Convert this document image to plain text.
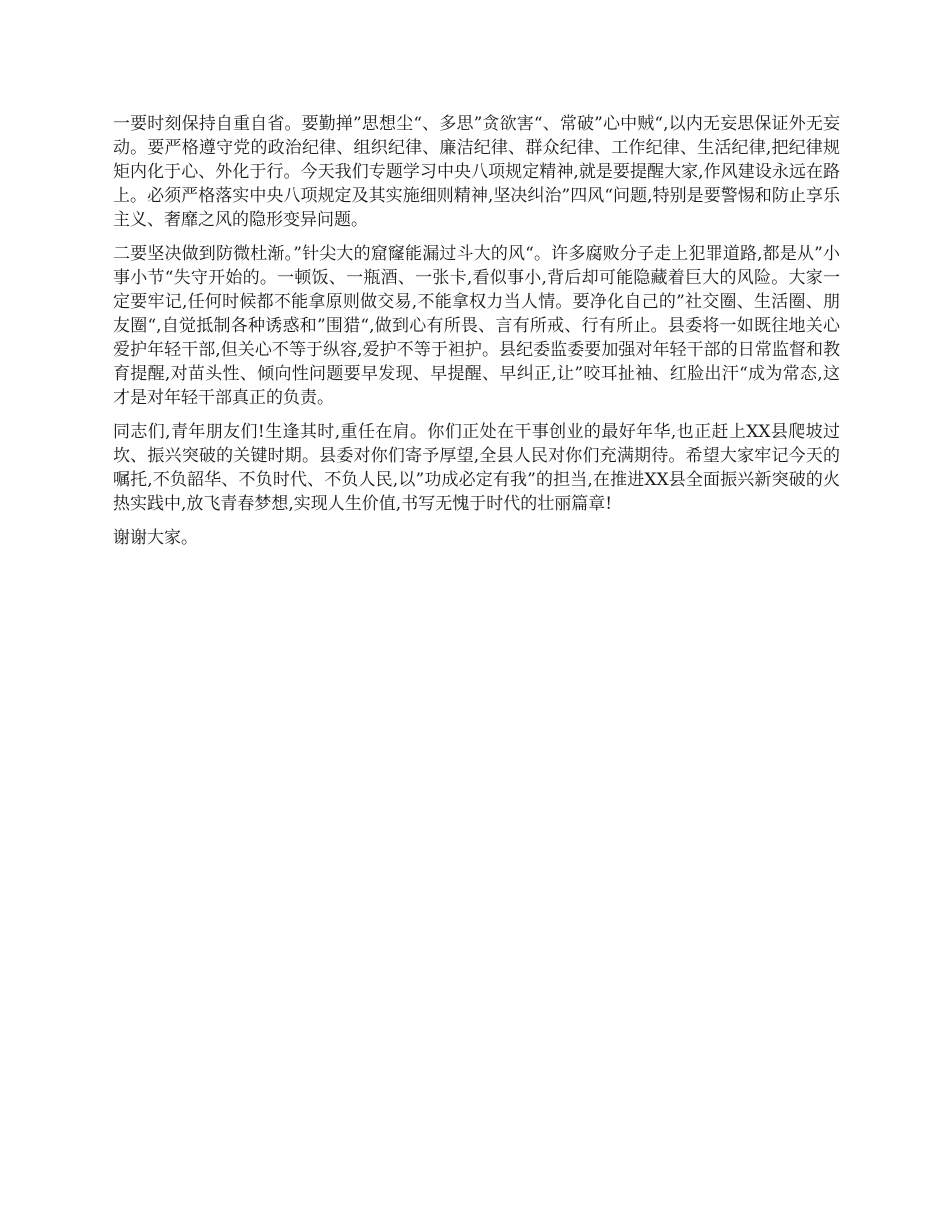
一要时刻保持自重自省。要勤掸”思想尘“、多思”贪欲害“、常破”心中贼“,以内无妄思保证外无妄动。要严格遵守党的政治纪律、组织纪律、廉洁纪律、群众纪律、工作纪律、生活纪律,把纪律规矩内化于心、外化于行。今天我们专题学习中央八项规定精神,就是要提醒大家,作风建设永远在路上。必须严格落实中央八项规定及其实施细则精神,坚决纠治”四风“问题,特别是要警惕和防止享乐主义、奢靡之风的隐形变异问题。

二要坚决做到防微杜渐。”针尖大的窟窿能漏过斗大的风“。许多腐败分子走上犯罪道路,都是从”小事小节“失守开始的。一顿饭、一瓶酒、一张卡,看似事小,背后却可能隐藏着巨大的风险。大家一定要牢记,任何时候都不能拿原则做交易,不能拿权力当人情。要净化自己的”社交圈、生活圈、朋友圈“,自觉抵制各种诱惑和”围猎“,做到心有所畏、言有所戒、行有所止。县委将一如既往地关心爱护年轻干部,但关心不等于纵容,爱护不等于袒护。县纪委监委要加强对年轻干部的日常监督和教育提醒,对苗头性、倾向性问题要早发现、早提醒、早纠正,让”咬耳扯袖、红脸出汗“成为常态,这才是对年轻干部真正的负责。

同志们,青年朋友们!生逢其时,重任在肩。你们正处在干事创业的最好年华,也正赶上XX县爬坡过坎、振兴突破的关键时期。县委对你们寄予厚望,全县人民对你们充满期待。希望大家牢记今天的嘱托,不负韶华、不负时代、不负人民,以”功成必定有我”的担当,在推进XX县全面振兴新突破的火热实践中,放飞青春梦想,实现人生价值,书写无愧于时代的壮丽篇章!

谢谢大家。
